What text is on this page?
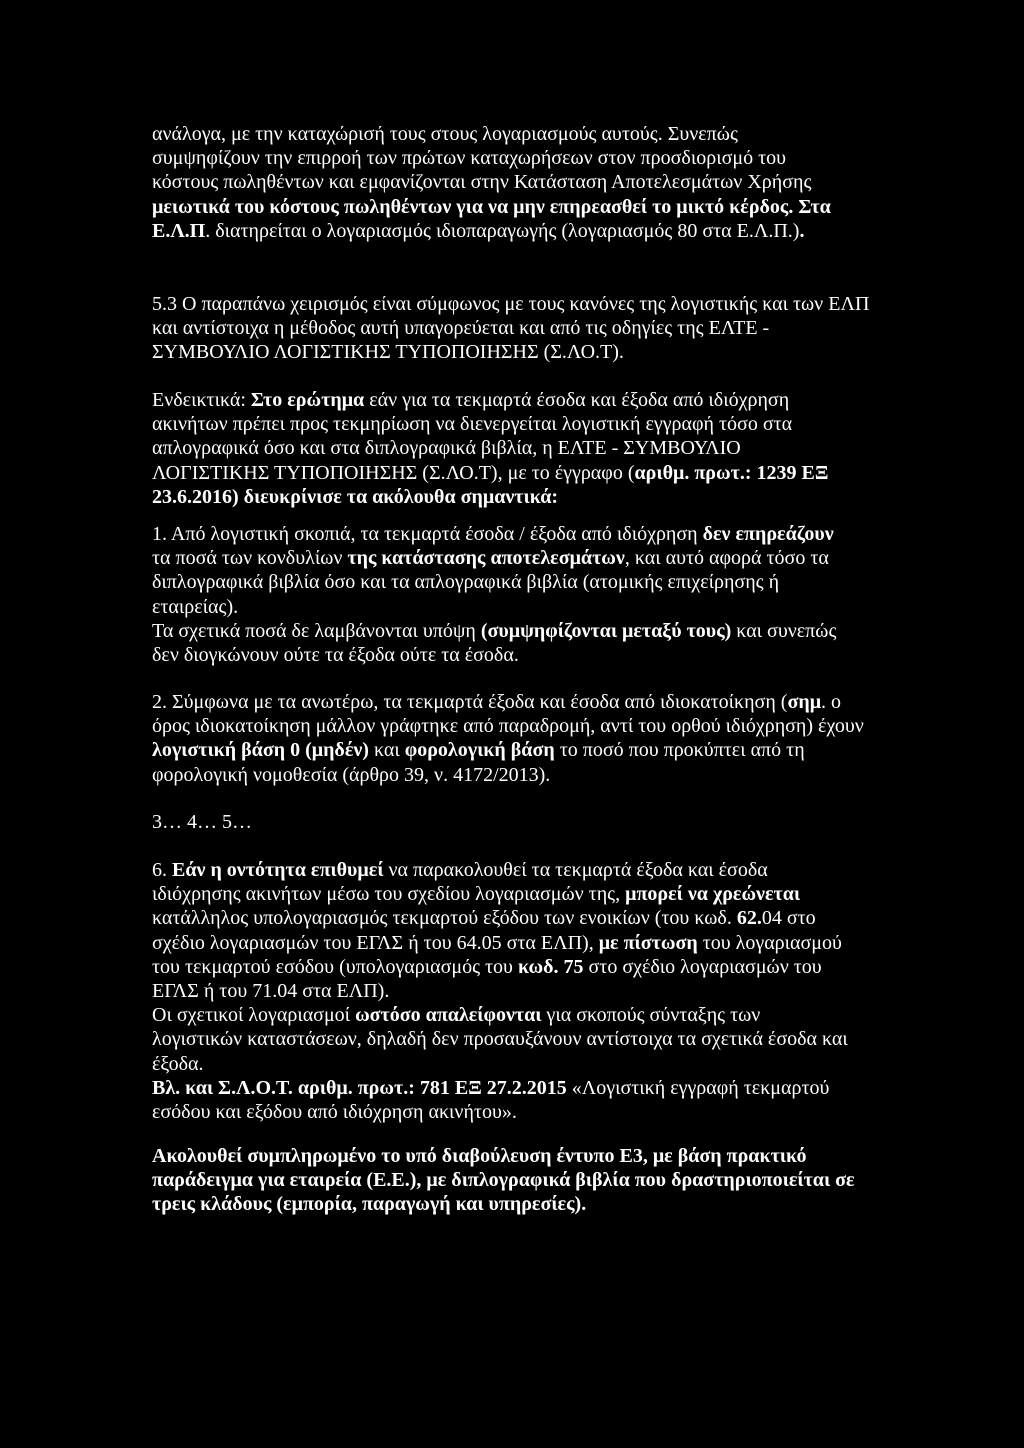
ανάλογα, με την καταχώρισή τους στους λογαριασμούς αυτούς. Συνεπώς συμψηφίζουν την επιρροή των πρώτων καταχωρήσεων στον προσδιορισμό του κόστους πωληθέντων και εμφανίζονται στην Κατάσταση Αποτελεσμάτων Χρήσης μειωτικά του κόστους πωληθέντων για να μην επηρεασθεί το μικτό κέρδος. Στα Ε.Λ.Π. διατηρείται ο λογαριασμός ιδιοπαραγωγής (λογαριασμός 80 στα Ε.Λ.Π.).

5.3 Ο παραπάνω χειρισμός είναι σύμφωνος με τους κανόνες της λογιστικής και των ΕΛΠ και αντίστοιχα η μέθοδος αυτή υπαγορεύεται και από τις οδηγίες της ΕΛΤΕ - ΣΥΜΒΟΥΛΙΟ ΛΟΓΙΣΤΙΚΗΣ ΤΥΠΟΠΟΙΗΣΗΣ (Σ.ΛΟ.Τ).

Ενδεικτικά: Στο ερώτημα εάν για τα τεκμαρτά έσοδα και έξοδα από ιδιόχρηση ακινήτων πρέπει προς τεκμηρίωση να διενεργείται λογιστική εγγραφή τόσο στα απλογραφικά όσο και στα διπλογραφικά βιβλία, η ΕΛΤΕ - ΣΥΜΒΟΥΛΙΟ ΛΟΓΙΣΤΙΚΗΣ ΤΥΠΟΠΟΙΗΣΗΣ (Σ.ΛΟ.Τ), με το έγγραφο (αριθμ. πρωτ.: 1239 ΕΞ 23.6.2016) διευκρίνισε τα ακόλουθα σημαντικά:

1. Από λογιστική σκοπιά, τα τεκμαρτά έσοδα / έξοδα από ιδιόχρηση δεν επηρεάζουν τα ποσά των κονδυλίων της κατάστασης αποτελεσμάτων, και αυτό αφορά τόσο τα διπλογραφικά βιβλία όσο και τα απλογραφικά βιβλία (ατομικής επιχείρησης ή εταιρείας).
Τα σχετικά ποσά δε λαμβάνονται υπόψη (συμψηφίζονται μεταξύ τους) και συνεπώς δεν διογκώνουν ούτε τα έξοδα ούτε τα έσοδα.

2. Σύμφωνα με τα ανωτέρω, τα τεκμαρτά έξοδα και έσοδα από ιδιοκατοίκηση (σημ. ο όρος ιδιοκατοίκηση μάλλον γράφτηκε από παραδρομή, αντί του ορθού ιδιόχρηση) έχουν λογιστική βάση 0 (μηδέν) και φορολογική βάση το ποσό που προκύπτει από τη φορολογική νομοθεσία (άρθρο 39, ν. 4172/2013).

3… 4… 5…

6. Εάν η οντότητα επιθυμεί να παρακολουθεί τα τεκμαρτά έξοδα και έσοδα ιδιόχρησης ακινήτων μέσω του σχεδίου λογαριασμών της, μπορεί να χρεώνεται κατάλληλος υπολογαριασμός τεκμαρτού εξόδου των ενοικίων (του κωδ. 62.04 στο σχέδιο λογαριασμών του ΕΓΛΣ ή του 64.05 στα ΕΛΠ), με πίστωση του λογαριασμού του τεκμαρτού εσόδου (υπολογαριασμός του κωδ. 75 στο σχέδιο λογαριασμών του ΕΓΛΣ ή του 71.04 στα ΕΛΠ).
Οι σχετικοί λογαριασμοί ωστόσο απαλείφονται για σκοπούς σύνταξης των λογιστικών καταστάσεων, δηλαδή δεν προσαυξάνουν αντίστοιχα τα σχετικά έσοδα και έξοδα.
Βλ. και Σ.Λ.Ο.Τ. αριθμ. πρωτ.: 781 ΕΞ 27.2.2015 «Λογιστική εγγραφή τεκμαρτού εσόδου και εξόδου από ιδιόχρηση ακινήτου».

Ακολουθεί συμπληρωμένο το υπό διαβούλευση έντυπο Ε3, με βάση πρακτικό παράδειγμα για εταιρεία (Ε.Ε.), με διπλογραφικά βιβλία που δραστηριοποιείται σε τρεις κλάδους (εμπορία, παραγωγή και υπηρεσίες).
